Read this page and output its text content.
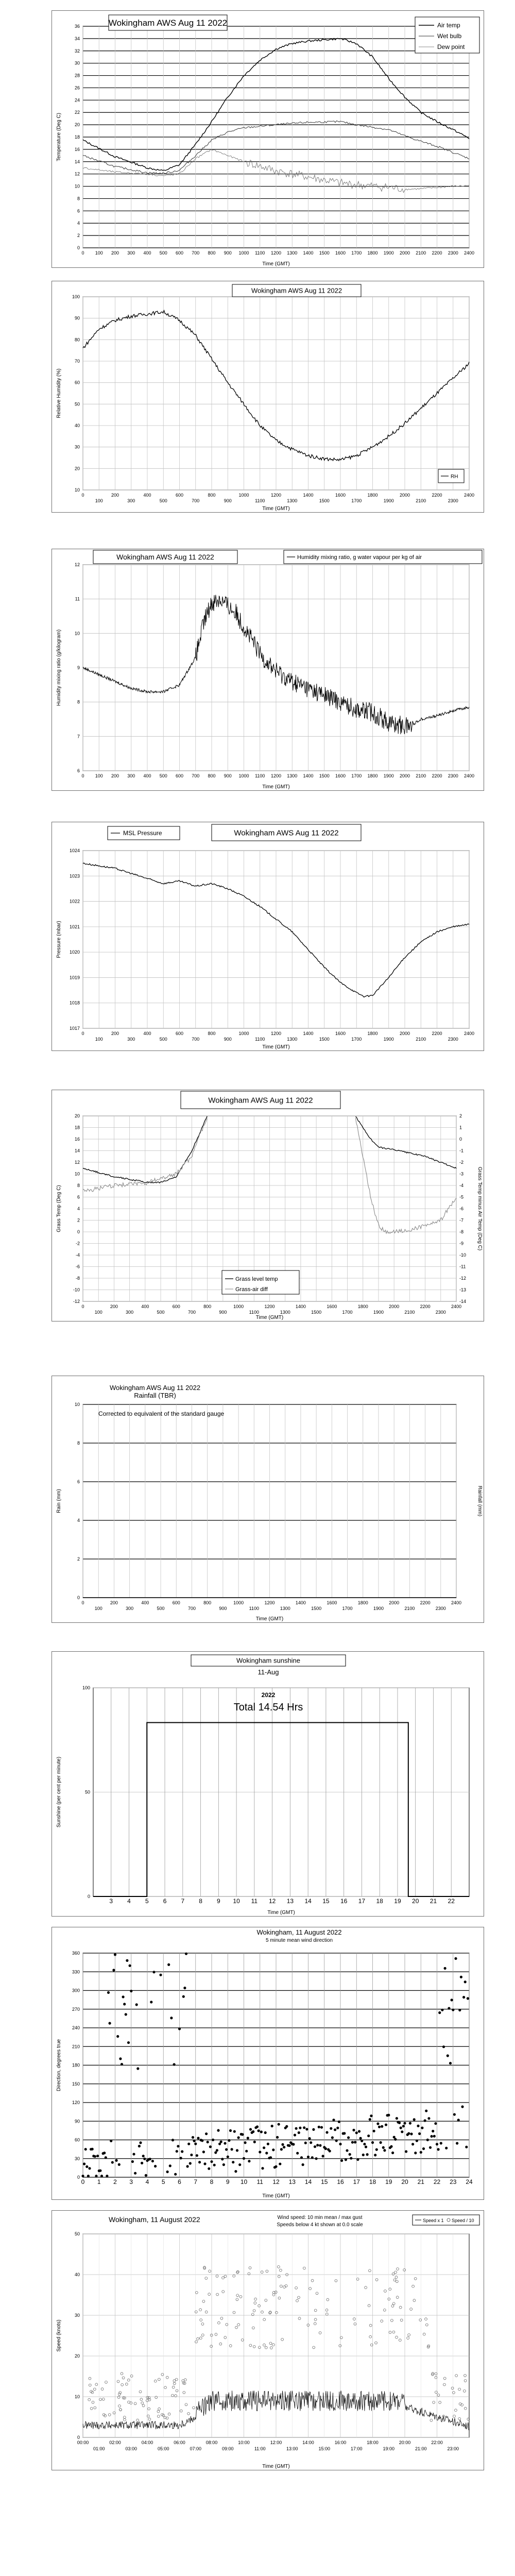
0
2
4
6
8
10
12
14
16
18
20
22
24
26
28
30
32
34
36
0 100 200 300 400 500 600 700 800 900 1000 1100 1200 1300 1400 1500 1600 1700 1800 1900 2000 2100 2200 2300 2400
Time (GMT)
Temperature (Deg C)
Wokingham AWS Aug 11 2022	Air temp
Wet bulb
Dew point
10
20
30
40
50
60
70
80
90
100
0
100
200
300
400
500
600
700
800
900
1000
1100
1200
1300
1400
1500
1600
1700
1800
1900
2000
2100
2200
2300
2400
Time (GMT)
Relative Humidity (%)
Wokingham AWS Aug 11 2022
RH
6
7
8
9
10
11
12
0 100 200 300 400 500 600 700 800 900 1000 1100 1200 1300 1400 1500 1600 1700 1800 1900 2000 2100 2200 2300 2400
Time (GMT)
Humidity mixing ratio (g/kilogram)
Wokingham AWS Aug 11 2022	Humidity mixing ratio, g water vapour per kg of air
1017
1018
1019
1020
1021
1022
1023
1024
0
100
200
300
400
500
600
700
800
900
1000
1100
1200
1300
1400
1500
1600
1700
1800
1900
2000
2100
2200
2300
2400
Time (GMT)
Pressure (mbar)
MSL Pressure	Wokingham AWS Aug 11 2022
-12
-10
-8
-6
-4
-2
0
2
4
6
8
10
12
14
16
18
20
-14
-13
-12
-11
-10
-9
-8
-7
-6
-5
-4
-3
-2
-1
0
1
2
0
100
200
300
400
500
600
700
800
900
1000
1100
1200
1300
1400
1500
1600
1700
1800
1900
2000
2100
2200
2300
2400
Time (GMT)
Grass Temp (Deg C)	Grass Temp minus Air Temp (Deg C)
Wokingham AWS Aug 11 2022
Grass level temp
Grass-air diff
0
2
4
6
8
10
0
100
200
300
400
500
600
700
800
900
1000
1100
1200
1300
1400
1500
1600
1700
1800
1900
2000
2100
2200
2300
2400
Time (GMT)
Rain (mm)	Rainfall (mm)
Wokingham AWS Aug 11 2022
Rainfall (TBR)
Corrected to equivalent of the standard gauge
0
50
100
3 4 5 6 7 8 9 10 11 12 13 14 15 16 17 18 19 20 21 22
Time (GMT)
Sunshine (per cent per minute)
Wokingham sunshine
11-Aug
2022
Total 14.54 Hrs
0
30
60
90
120
150
180
210
240
270
300
330
360
0 1 2 3 4 5 6 7 8 9 10 11 12 13 14 15 16 17 18 19 20 21 22 23 24
Time (GMT)
Direction, degrees true
Wokingham, 11 August 2022
5 minute mean wind direction
0
10
20
30
40
50
Time (GMT)
Speed (knots)
Wokingham, 11 August 2022	Wind speed: 10 min mean / max gust
Speeds below 4 kt shown at 0.0 scale
Speed x 1 Speed / 10
00:00	02:00	04:00	06:00	08:00	10:00	12:00	14:00	16:00	18:00	20:00	22:00
01:00	03:00	05:00	07:00	09:00	11:00	13:00	15:00	17:00	19:00	21:00	23:00
